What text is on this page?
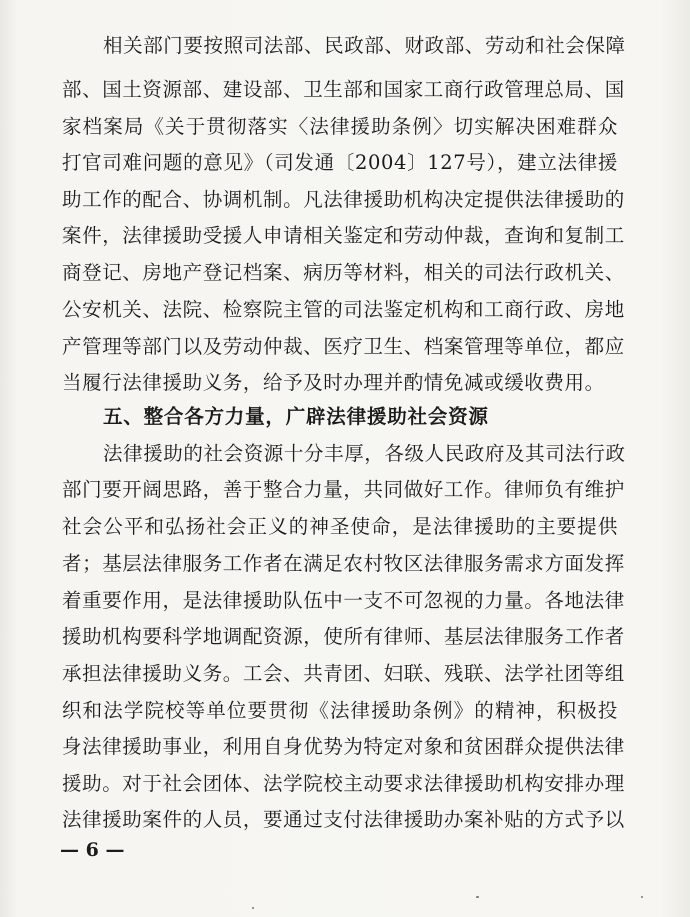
相关部门要按照司法部、民政部、财政部、劳动和社会保障
部、国土资源部、建设部、卫生部和国家工商行政管理总局、国
家档案局《关于贯彻落实〈法律援助条例〉切实解决困难群众
打官司难问题的意见》（司发通〔2004〕127号），建立法律援
助工作的配合、协调机制。凡法律援助机构决定提供法律援助的
案件，法律援助受援人申请相关鉴定和劳动仲裁，查询和复制工
商登记、房地产登记档案、病历等材料，相关的司法行政机关、
公安机关、法院、检察院主管的司法鉴定机构和工商行政、房地
产管理等部门以及劳动仲裁、医疗卫生、档案管理等单位，都应
当履行法律援助义务，给予及时办理并酌情免减或缓收费用。
五、整合各方力量，广辟法律援助社会资源
法律援助的社会资源十分丰厚，各级人民政府及其司法行政
部门要开阔思路，善于整合力量，共同做好工作。律师负有维护
社会公平和弘扬社会正义的神圣使命，是法律援助的主要提供
者；基层法律服务工作者在满足农村牧区法律服务需求方面发挥
着重要作用，是法律援助队伍中一支不可忽视的力量。各地法律
援助机构要科学地调配资源，使所有律师、基层法律服务工作者
承担法律援助义务。工会、共青团、妇联、残联、法学社团等组
织和法学院校等单位要贯彻《法律援助条例》的精神，积极投
身法律援助事业，利用自身优势为特定对象和贫困群众提供法律
援助。对于社会团体、法学院校主动要求法律援助机构安排办理
法律援助案件的人员，要通过支付法律援助办案补贴的方式予以
— 6 —
